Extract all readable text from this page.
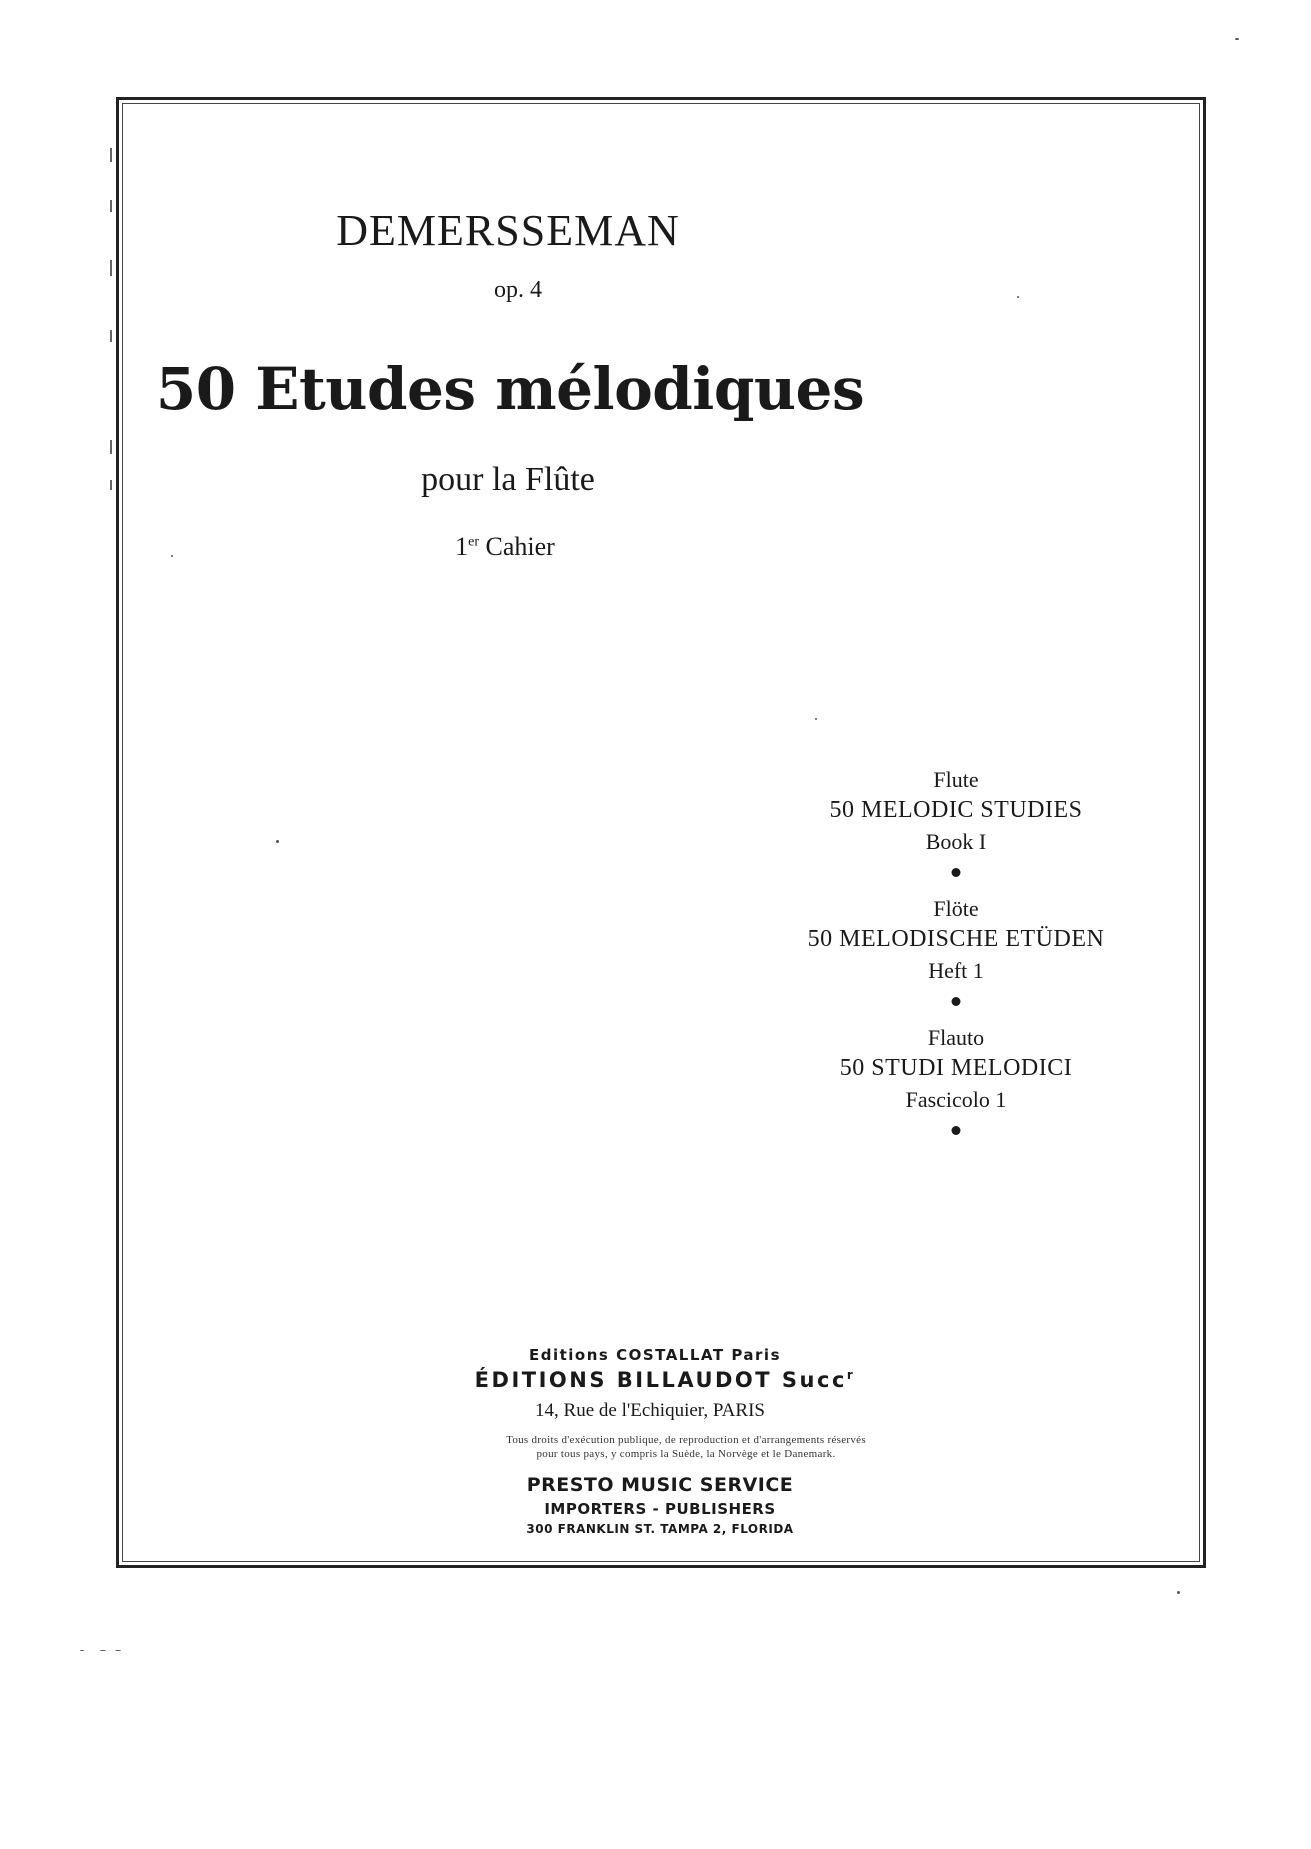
DEMERSSEMAN
op. 4
50 Etudes mélodiques
pour la Flûte
1er Cahier
Flute
50 MELODIC STUDIES
Book I
Flöte
50 MELODISCHE ETÜDEN
Heft 1
Flauto
50 STUDI MELODICI
Fascicolo 1
Editions COSTALLAT Paris
ÉDITIONS BILLAUDOT Succ$^r$
14, Rue de l'Echiquier, PARIS
Tous droits d'exécution publique, de reproduction et d'arrangements réservés
pour tous pays, y compris la Suède, la Norvège et le Danemark.
PRESTO MUSIC SERVICE
IMPORTERS - PUBLISHERS
300 FRANKLIN ST. TAMPA 2, FLORIDA
